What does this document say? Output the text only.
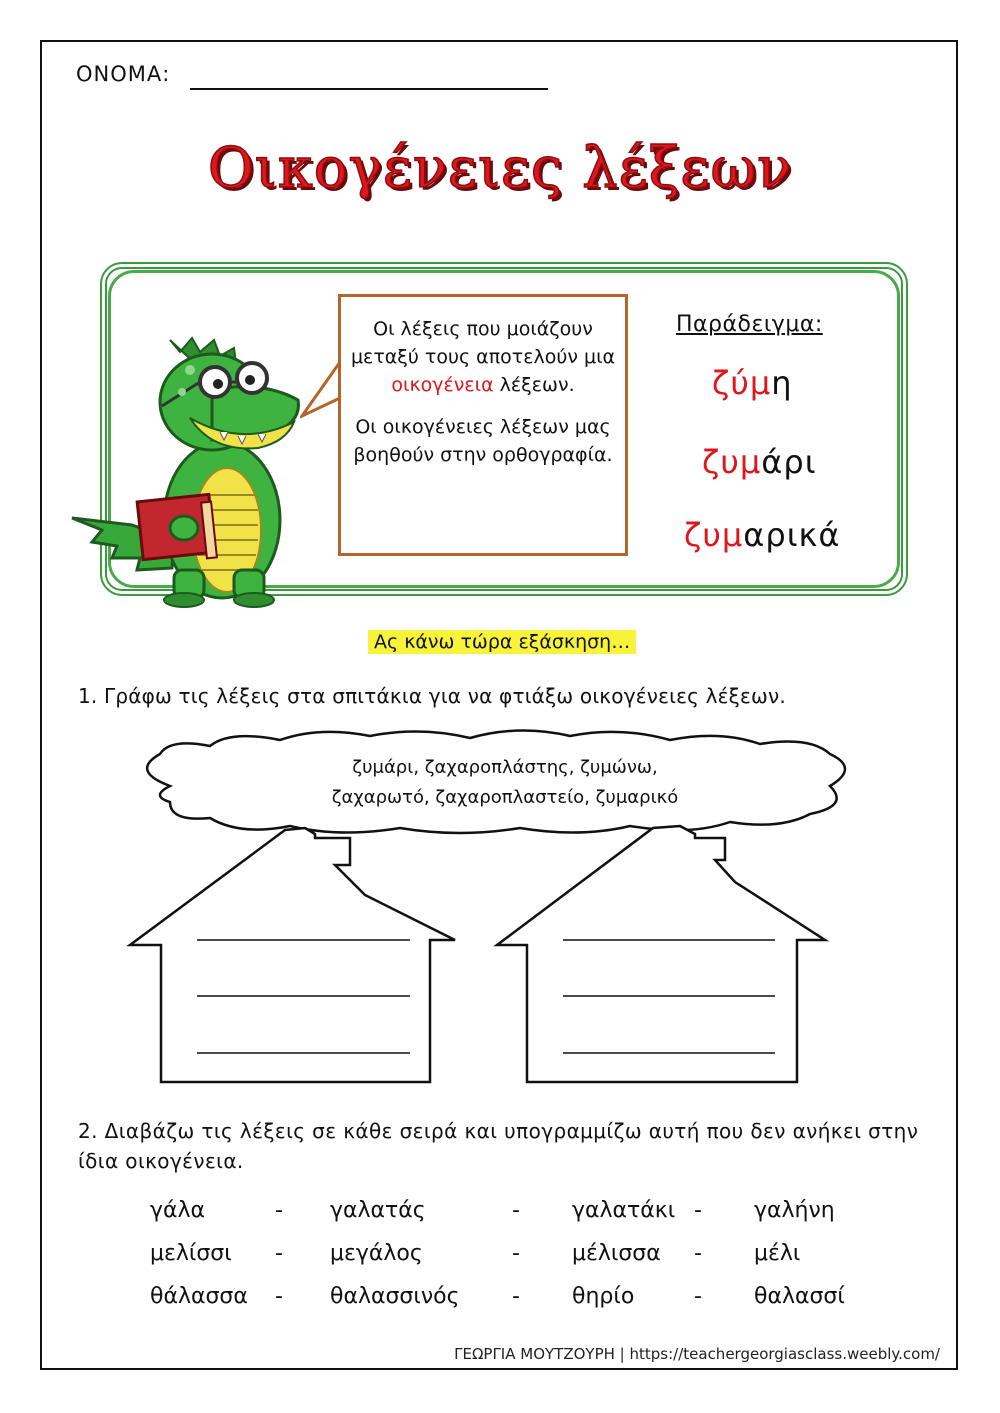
ΟΝΟΜΑ:
Οικογένειες λέξεων

Οι λέξεις που μοιάζουν μεταξύ τους αποτελούν μια οικογένεια λέξεων.

Οι οικογένειες λέξεων μας βοηθούν στην ορθογραφία.

Παράδειγμα:
ζύμη
ζυμάρι
ζυμαρικά
Ας κάνω τώρα εξάσκηση…
1. Γράφω τις λέξεις στα σπιτάκια για να φτιάξω οικογένειες λέξεων.
ζυμάρι, ζαχαροπλάστης, ζυμώνω,
ζαχαρωτό, ζαχαροπλαστείο, ζυμαρικό
2. Διαβάζω τις λέξεις σε κάθε σειρά και υπογραμμίζω αυτή που δεν ανήκει στην ίδια οικογένεια.
γάλα	- γαλατάς	- γαλατάκι - γαλήνη
μελίσσι - μεγάλος	- μέλισσα - μέλι
θάλασσα - θαλασσινός - θηρίο	- θαλασσί
ΓΕΩΡΓΙΑ ΜΟΥΤΖΟΥΡΗ | https://teachergeorgiasclass.weebly.com/
